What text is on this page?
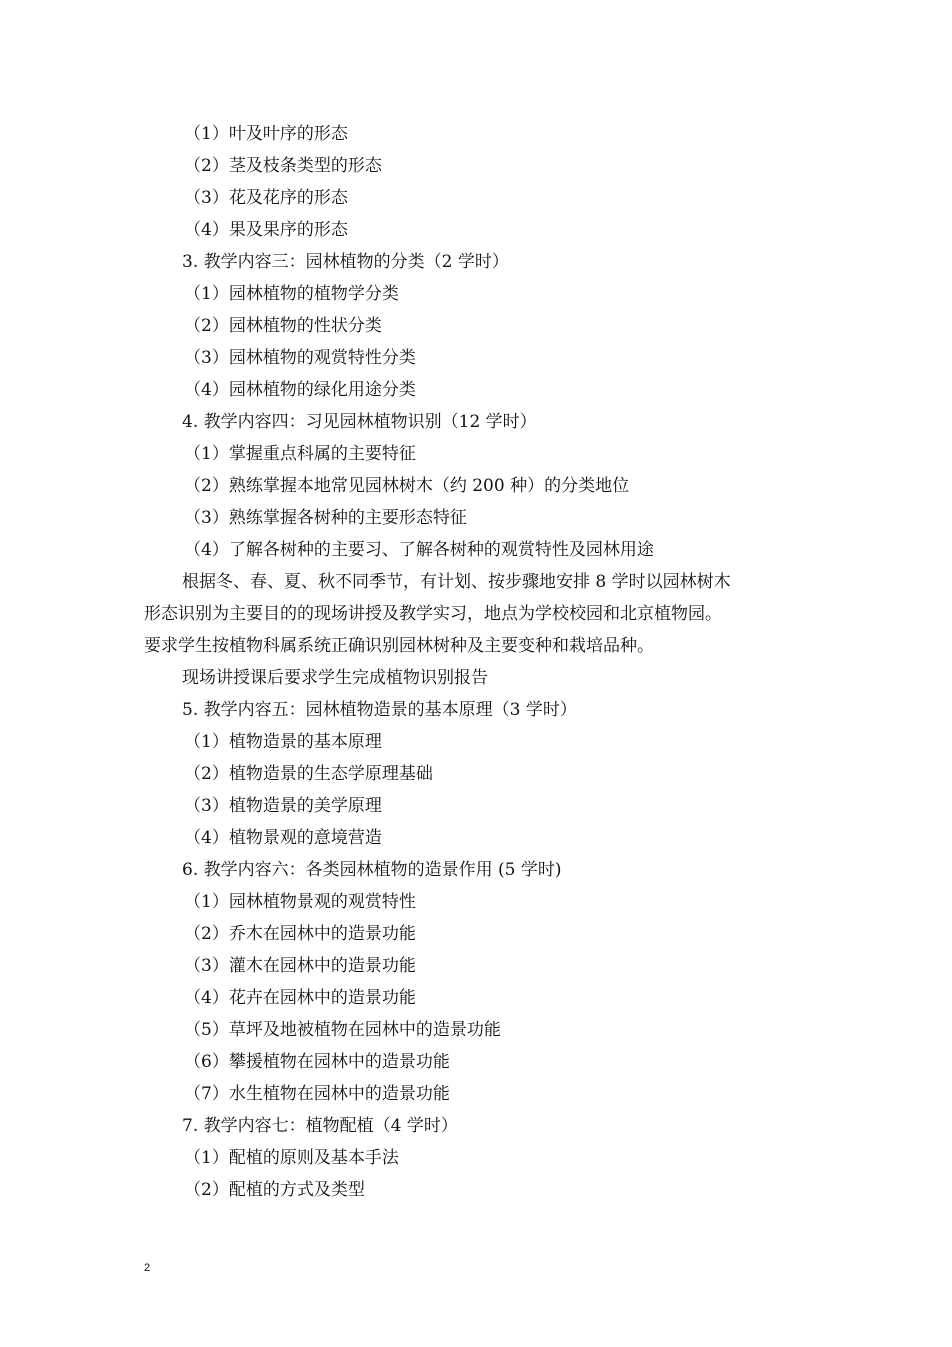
（1）叶及叶序的形态
（2）茎及枝条类型的形态
（3）花及花序的形态
（4）果及果序的形态
3. 教学内容三：园林植物的分类（2 学时）
（1）园林植物的植物学分类
（2）园林植物的性状分类
（3）园林植物的观赏特性分类
（4）园林植物的绿化用途分类
4. 教学内容四：习见园林植物识别（12 学时）
（1）掌握重点科属的主要特征
（2）熟练掌握本地常见园林树木（约 200 种）的分类地位
（3）熟练掌握各树种的主要形态特征
（4）了解各树种的主要习、了解各树种的观赏特性及园林用途
根据冬、春、夏、秋不同季节，有计划、按步骤地安排 8 学时以园林树木
形态识别为主要目的的现场讲授及教学实习，地点为学校校园和北京植物园。
要求学生按植物科属系统正确识别园林树种及主要变种和栽培品种。
现场讲授课后要求学生完成植物识别报告
5. 教学内容五：园林植物造景的基本原理（3 学时）
（1）植物造景的基本原理
（2）植物造景的生态学原理基础
（3）植物造景的美学原理
（4）植物景观的意境营造
6. 教学内容六：各类园林植物的造景作用 (5 学时)
（1）园林植物景观的观赏特性
（2）乔木在园林中的造景功能
（3）灌木在园林中的造景功能
（4）花卉在园林中的造景功能
（5）草坪及地被植物在园林中的造景功能
（6）攀援植物在园林中的造景功能
（7）水生植物在园林中的造景功能
7. 教学内容七：植物配植（4 学时）
（1）配植的原则及基本手法
（2）配植的方式及类型
2
